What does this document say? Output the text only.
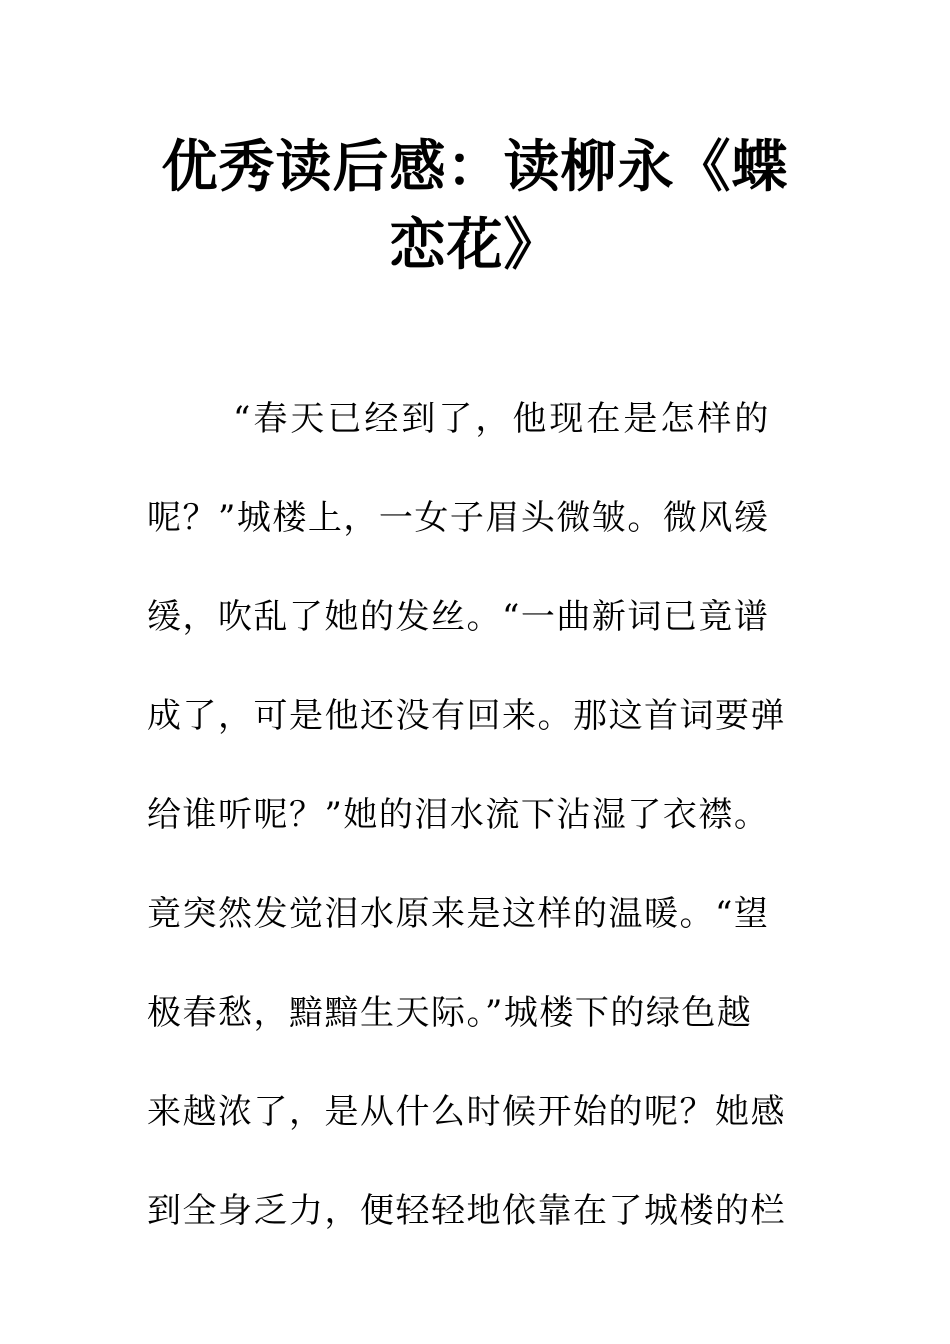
优秀读后感：读柳永《蝶
恋花》
“春天已经到了，他现在是怎样的
呢？”城楼上，一女子眉头微皱。微风缓
缓，吹乱了她的发丝。“一曲新词已竟谱
成了，可是他还没有回来。那这首词要弹
给谁听呢？”她的泪水流下沾湿了衣襟。
竟突然发觉泪水原来是这样的温暖。“望
极春愁，黯黯生天际。”城楼下的绿色越
来越浓了，是从什么时候开始的呢？她感
到全身乏力，便轻轻地依靠在了城楼的栏
